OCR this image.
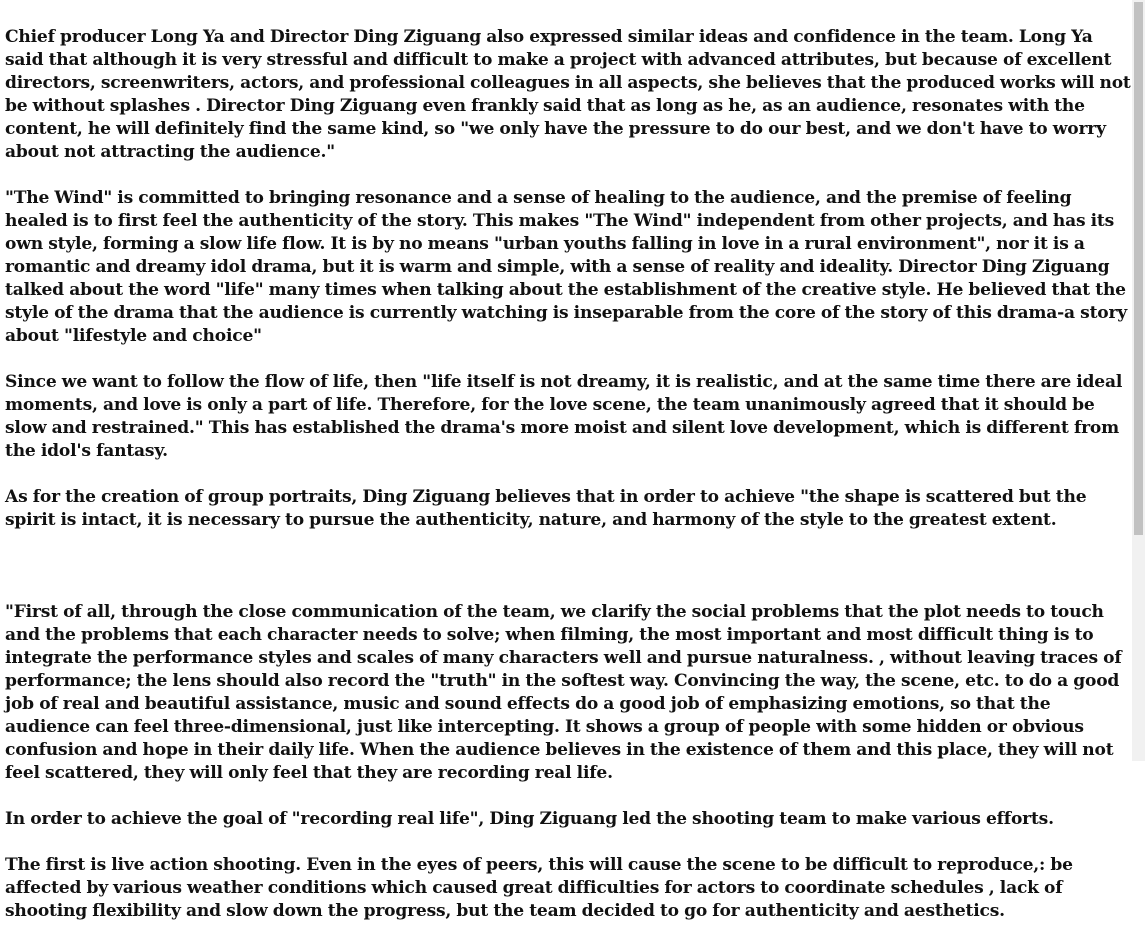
Chief producer Long Ya and Director Ding Ziguang also expressed similar ideas and confidence in the team. Long Ya said that although it is very stressful and difficult to make a project with advanced attributes, but because of excellent directors, screenwriters, actors, and professional colleagues in all aspects, she believes that the produced works will not be without splashes . Director Ding Ziguang even frankly said that as long as he, as an audience, resonates with the content, he will definitely find the same kind, so "we only have the pressure to do our best, and we don't have to worry about not attracting the audience."

"The Wind" is committed to bringing resonance and a sense of healing to the audience, and the premise of feeling healed is to first feel the authenticity of the story. This makes "The Wind" independent from other projects, and has its own style, forming a slow life flow. It is by no means "urban youths falling in love in a rural environment", nor it is a romantic and dreamy idol drama, but it is warm and simple, with a sense of reality and ideality. Director Ding Ziguang talked about the word "life" many times when talking about the establishment of the creative style. He believed that the style of the drama that the audience is currently watching is inseparable from the core of the story of this drama-a story about "lifestyle and choice"

Since we want to follow the flow of life, then "life itself is not dreamy, it is realistic, and at the same time there are ideal moments, and love is only a part of life. Therefore, for the love scene, the team unanimously agreed that it should be slow and restrained." This has established the drama's more moist and silent love development, which is different from the idol's fantasy.

As for the creation of group portraits, Ding Ziguang believes that in order to achieve "the shape is scattered but the spirit is intact, it is necessary to pursue the authenticity, nature, and harmony of the style to the greatest extent.

"First of all, through the close communication of the team, we clarify the social problems that the plot needs to touch and the problems that each character needs to solve; when filming, the most important and most difficult thing is to integrate the performance styles and scales of many characters well and pursue naturalness. , without leaving traces of performance; the lens should also record the "truth" in the softest way. Convincing the way, the scene, etc. to do a good job of real and beautiful assistance, music and sound effects do a good job of emphasizing emotions, so that the audience can feel three-dimensional, just like intercepting. It shows a group of people with some hidden or obvious confusion and hope in their daily life. When the audience believes in the existence of them and this place, they will not feel scattered, they will only feel that they are recording real life.

In order to achieve the goal of "recording real life", Ding Ziguang led the shooting team to make various efforts.

The first is live action shooting. Even in the eyes of peers, this will cause the scene to be difficult to reproduce,: be affected by various weather conditions which caused great difficulties for actors to coordinate schedules , lack of shooting flexibility and slow down the progress, but the team decided to go for authenticity and aesthetics.
